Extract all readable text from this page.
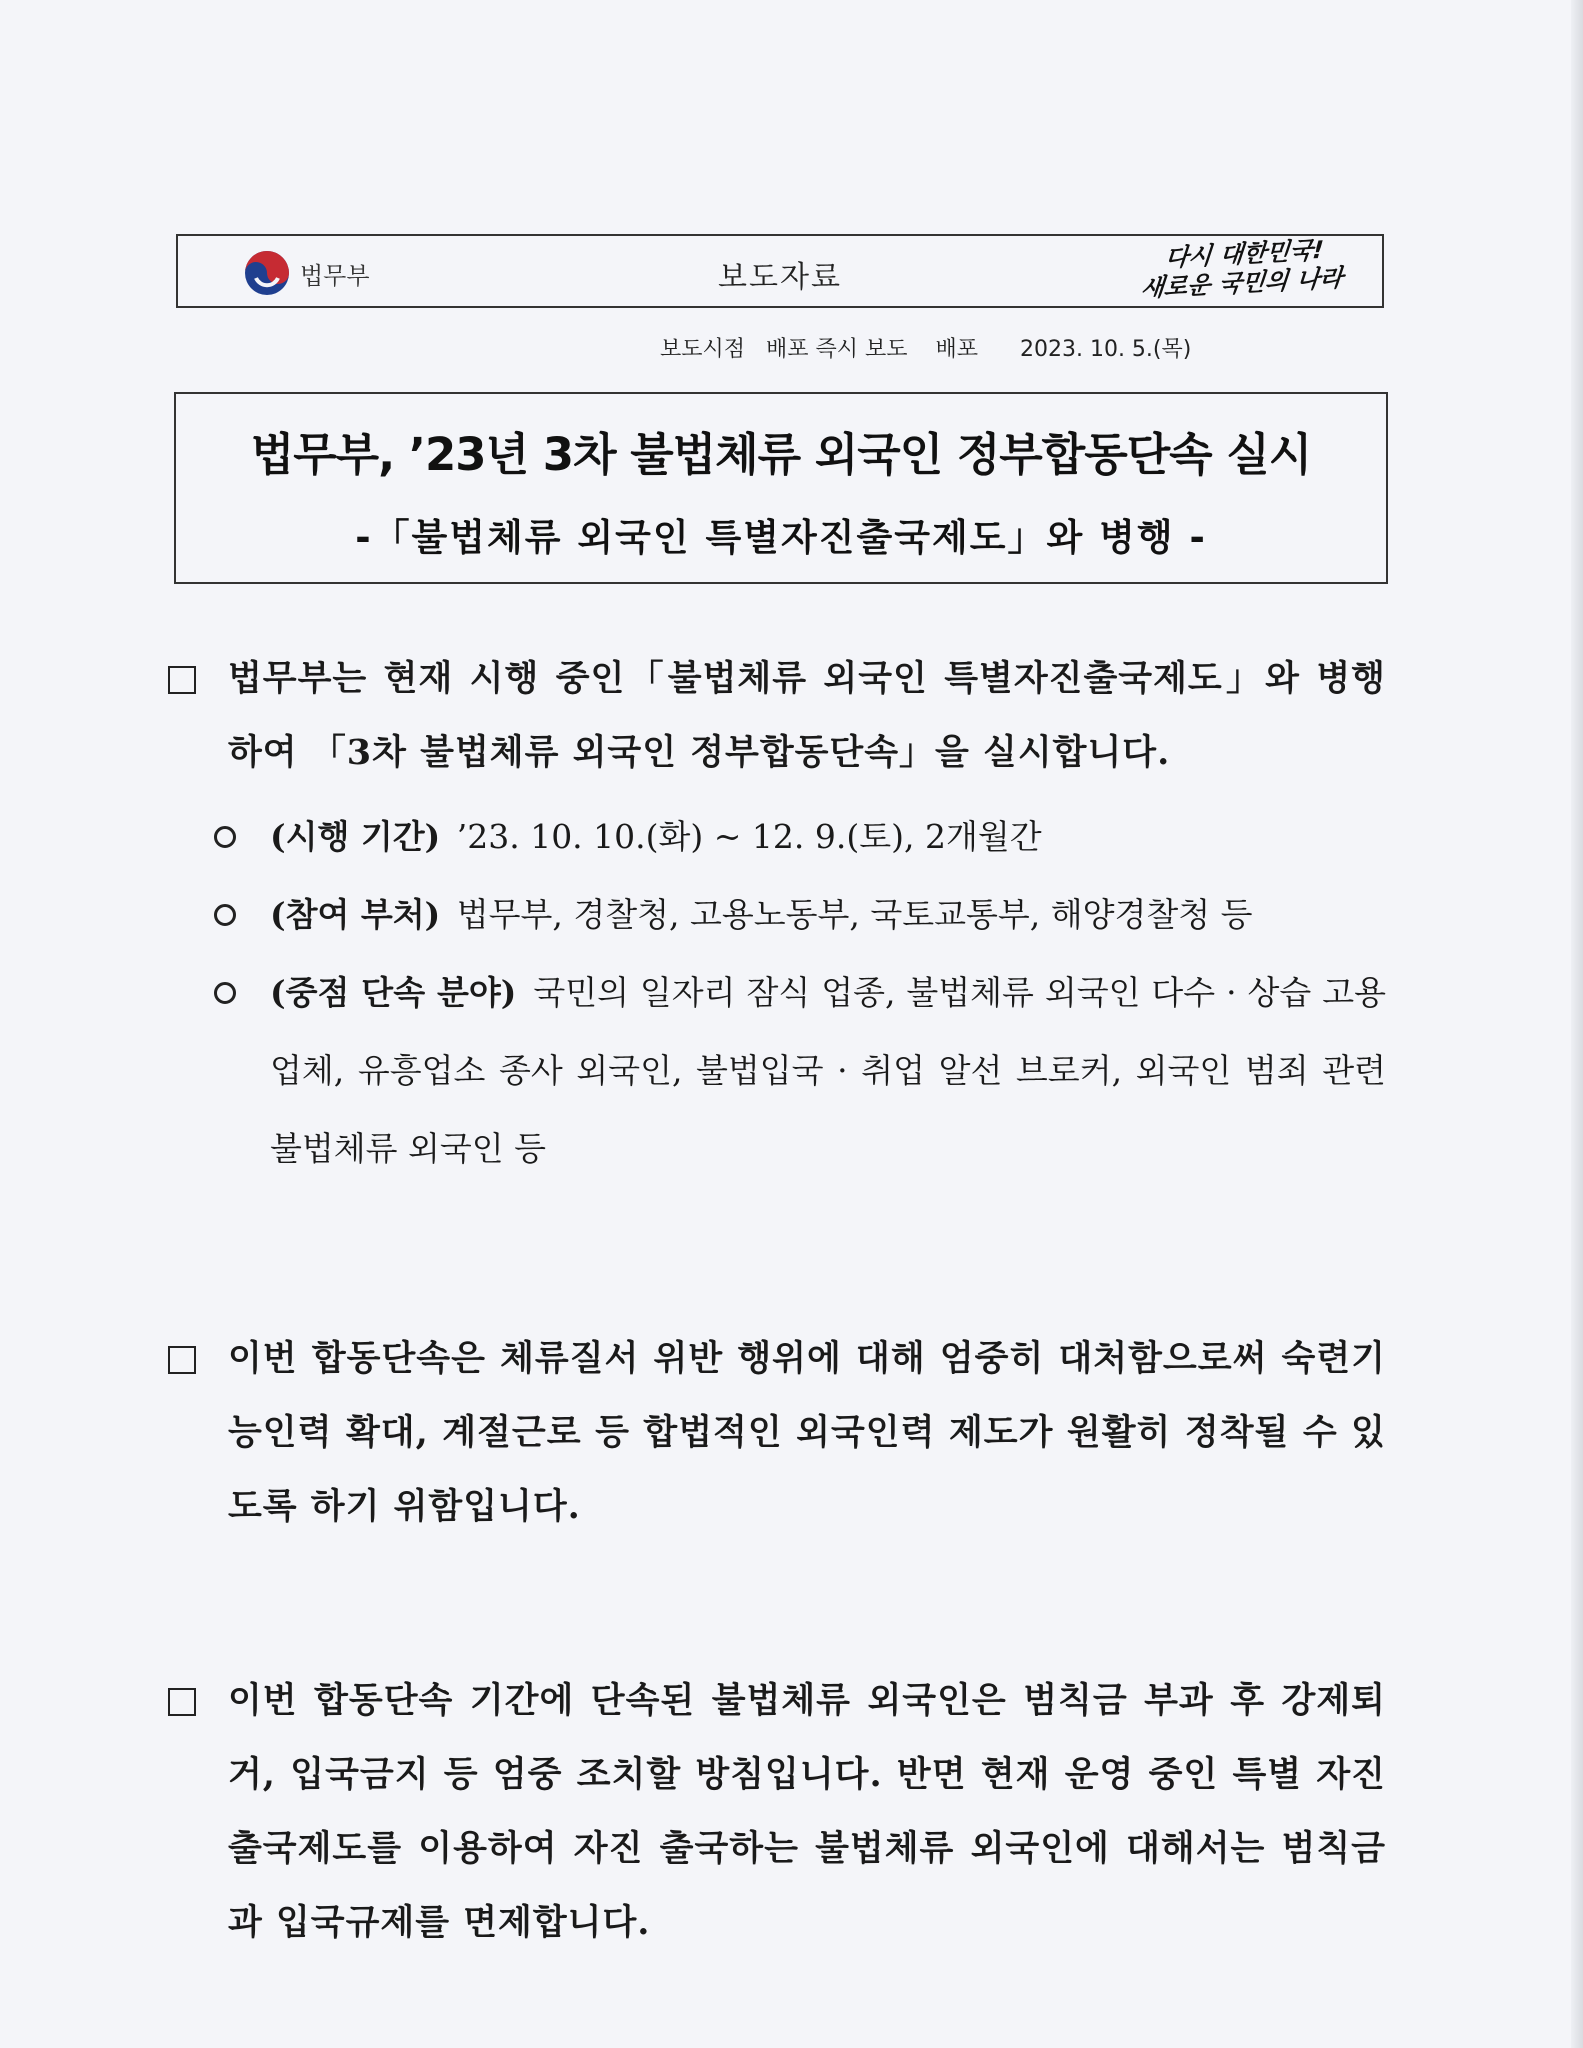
법무부	보도자료
다시 대한민국!
새로운 국민의 나라
보도시점 배포 즉시 보도 배포 2023. 10. 5.(목)
법무부, ’23년 3차 불법체류 외국인 정부합동단속 실시
-「불법체류 외국인 특별자진출국제도」와 병행 -
법무부는 현재 시행 중인「불법체류 외국인 특별자진출국제도」와 병행하여 「3차 불법체류 외국인 정부합동단속」을 실시합니다.
(시행 기간) ’23. 10. 10.(화) ~ 12. 9.(토), 2개월간
(참여 부처) 법무부, 경찰청, 고용노동부, 국토교통부, 해양경찰청 등
(중점 단속 분야) 국민의 일자리 잠식 업종, 불법체류 외국인 다수 · 상습 고용업체, 유흥업소 종사 외국인, 불법입국 · 취업 알선 브로커, 외국인 범죄 관련 불법체류 외국인 등
이번 합동단속은 체류질서 위반 행위에 대해 엄중히 대처함으로써 숙련기능인력 확대, 계절근로 등 합법적인 외국인력 제도가 원활히 정착될 수 있도록 하기 위함입니다.
이번 합동단속 기간에 단속된 불법체류 외국인은 범칙금 부과 후 강제퇴거, 입국금지 등 엄중 조치할 방침입니다. 반면 현재 운영 중인 특별 자진출국제도를 이용하여 자진 출국하는 불법체류 외국인에 대해서는 범칙금과 입국규제를 면제합니다.
